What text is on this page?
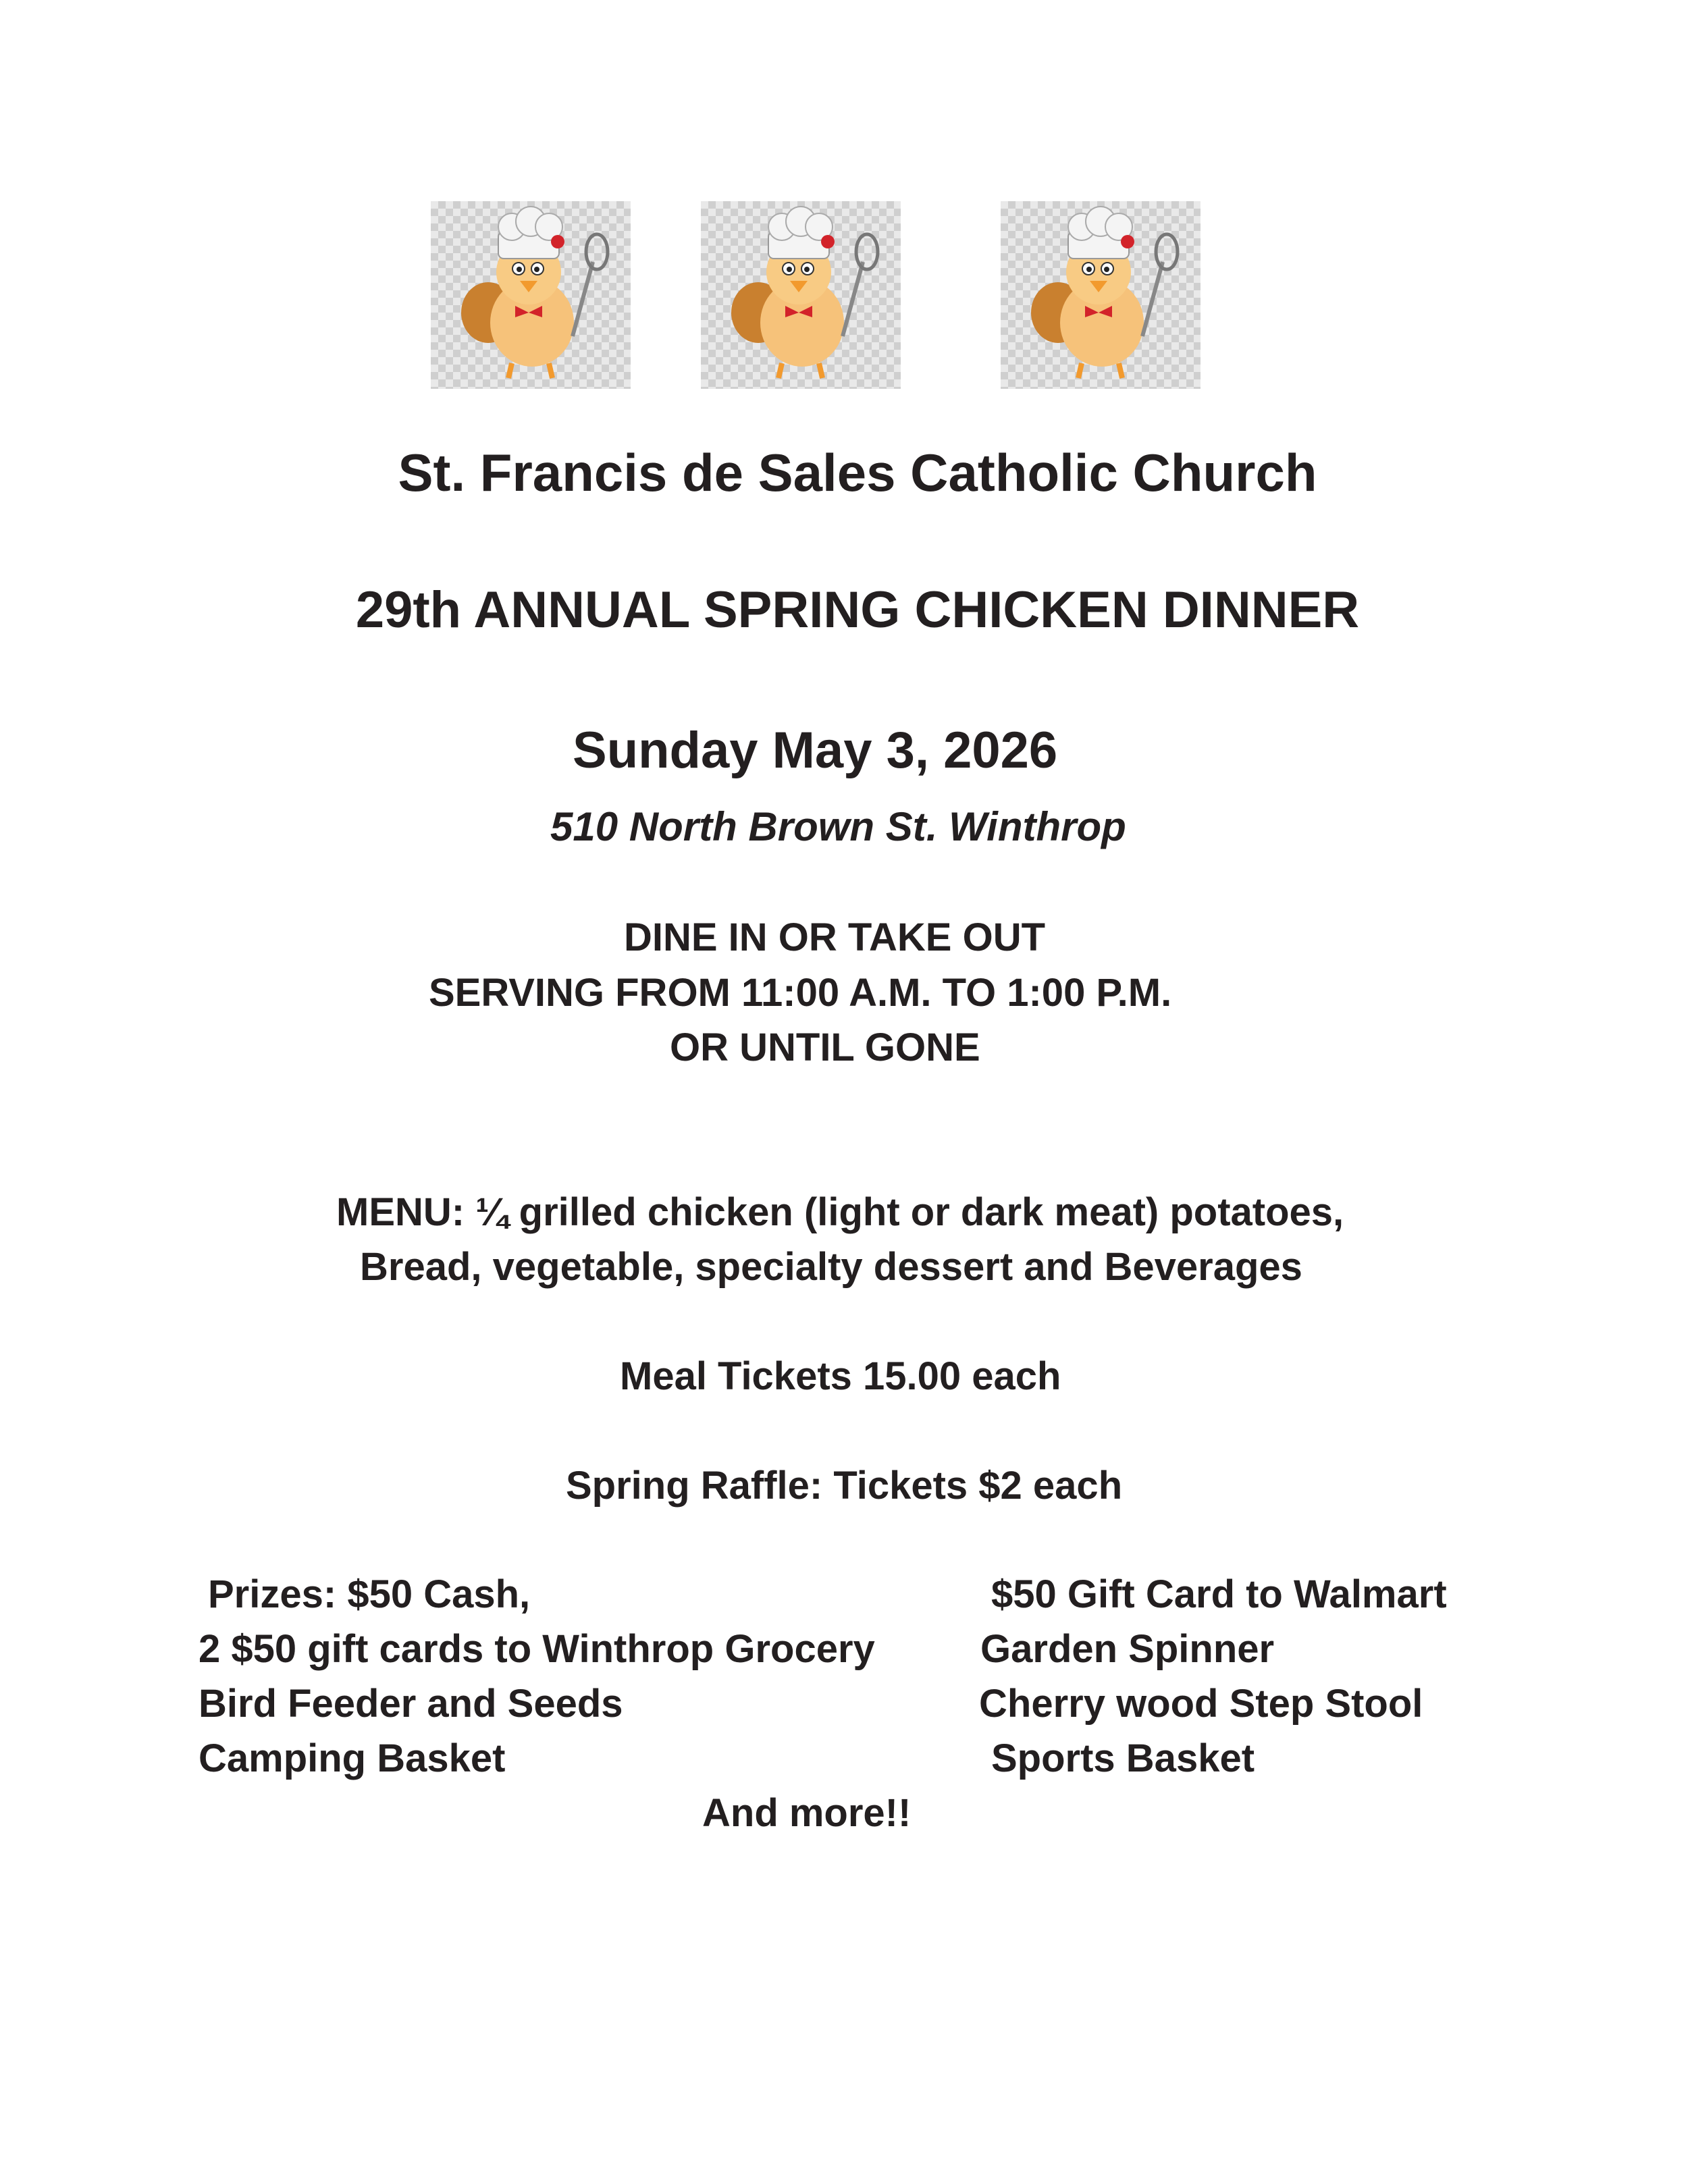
St. Francis de Sales Catholic Church
29th ANNUAL SPRING CHICKEN DINNER
Sunday May 3, 2026
510 North Brown St. Winthrop
DINE IN OR TAKE OUT
SERVING FROM 11:00 A.M. TO 1:00 P.M.
OR UNTIL GONE
MENU: ¼ grilled chicken (light or dark meat) potatoes,
Bread, vegetable, specialty dessert and Beverages
Meal Tickets 15.00 each
Spring Raffle: Tickets $2 each
Prizes: $50 Cash,
2 $50 gift cards to Winthrop Grocery
Bird Feeder and Seeds
Camping Basket
$50 Gift Card to Walmart
Garden Spinner
Cherry wood Step Stool
Sports Basket
And more!!
